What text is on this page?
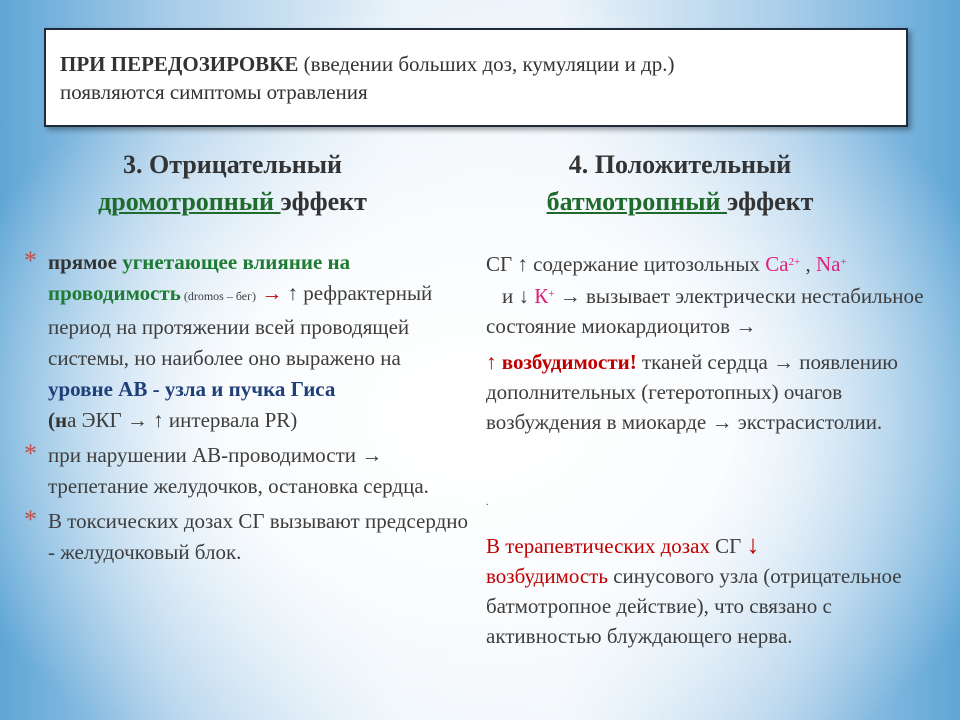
ПРИ ПЕРЕДОЗИРОВКЕ (введении больших доз, кумуляции и др.)
появляются симптомы отравления
3. Отрицательный
дромотропный эффект
4. Положительный
батмотропный эффект
* прямое угнетающее влияние на проводимость (dromos – бег) → ↑ рефрактерный период на протяжении всей проводящей системы, но наиболее оно выражено на уровне АВ - узла и пучка Гиса
(на ЭКГ → ↑ интервала PR)
* при нарушении АВ-проводимости → трепетание желудочков, остановка сердца.
* В токсических дозах СГ вызывают предсердно - желудочковый блок.

СГ ↑ содержание цитозольных $Ca^{2+}$ , Na+
и ↓ К+ → вызывает электрически нестабильное состояние миокардиоцитов →

↑ возбудимости! тканей сердца → появлению дополнительных (гетеротопных) очагов возбуждения в миокарде → экстрасистолии.

.
В терапевтических дозах СГ ↓
возбудимость синусового узла (отрицательное батмотропное действие), что связано с активностью блуждающего нерва.
